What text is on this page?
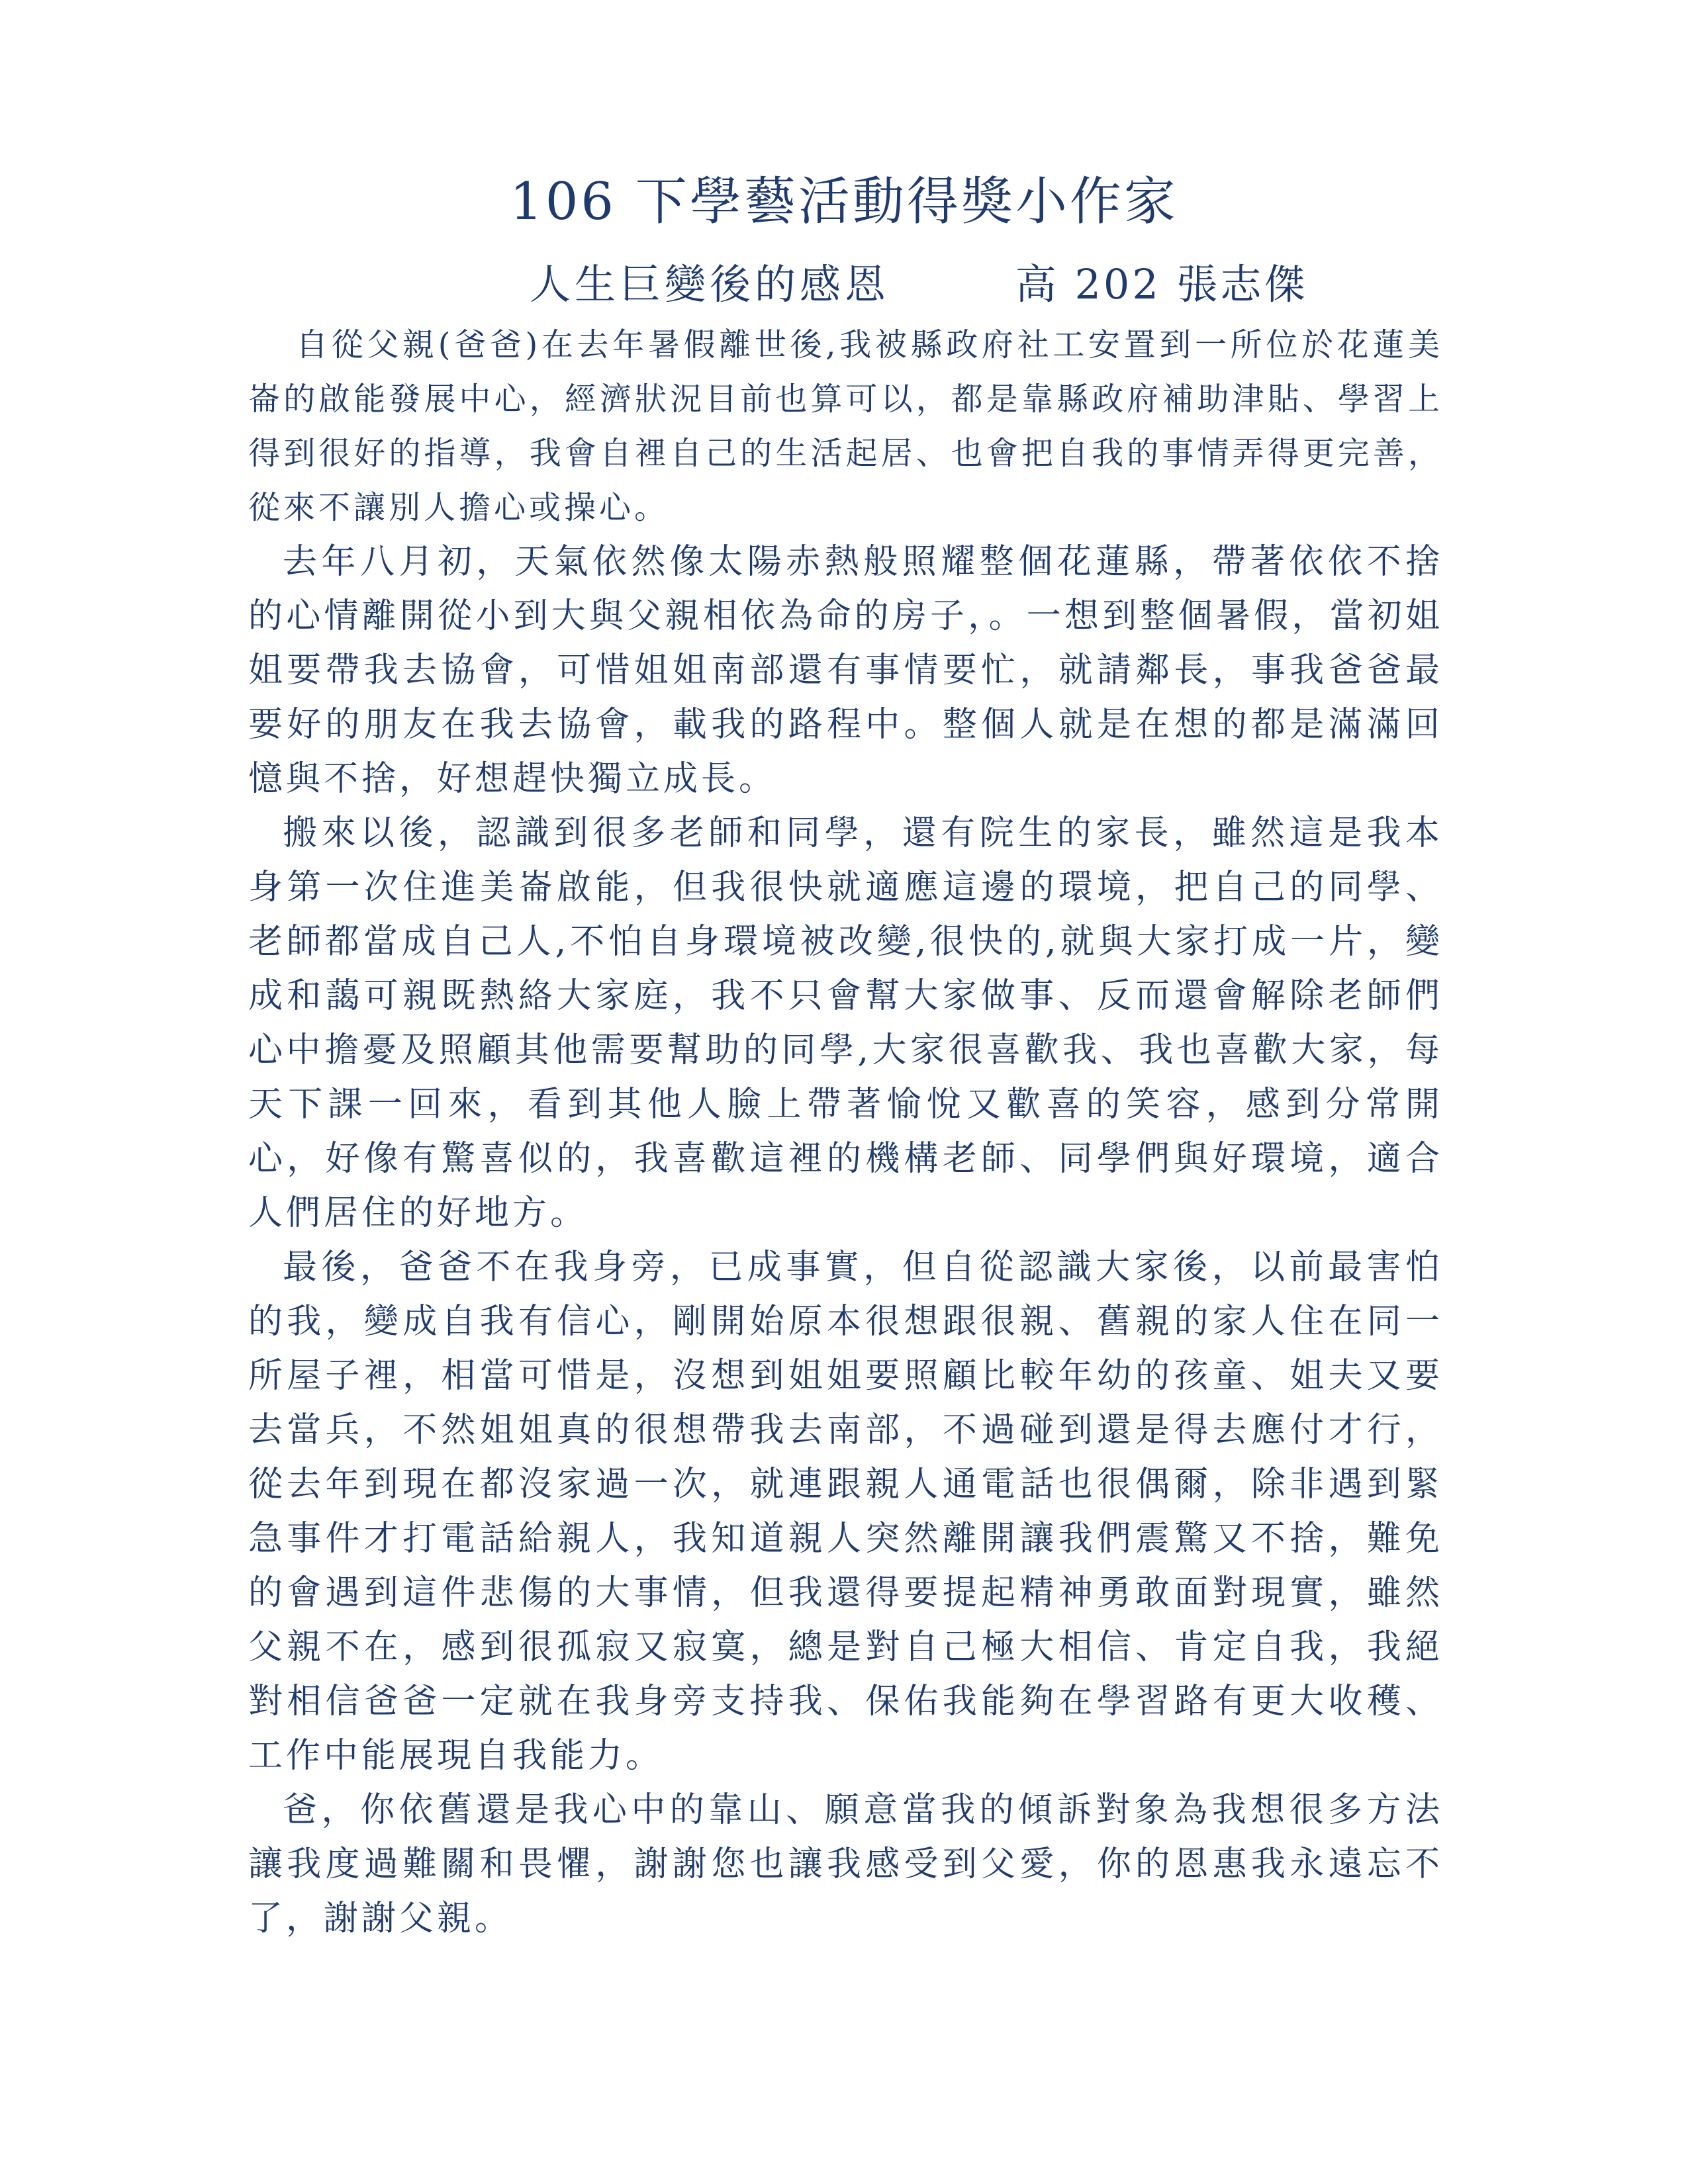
106 下學藝活動得獎小作家
人生巨變後的感恩	高 202 張志傑

自從父親(爸爸)在去年暑假離世後,我被縣政府社工安置到一所位於花蓮美崙的啟能發展中心，經濟狀況目前也算可以，都是靠縣政府補助津貼、學習上得到很好的指導，我會自裡自己的生活起居、也會把自我的事情弄得更完善，從來不讓別人擔心或操心。

去年八月初，天氣依然像太陽赤熱般照耀整個花蓮縣，帶著依依不捨的心情離開從小到大與父親相依為命的房子，。一想到整個暑假，當初姐姐要帶我去協會，可惜姐姐南部還有事情要忙，就請鄰長，事我爸爸最要好的朋友在我去協會，載我的路程中。整個人就是在想的都是滿滿回憶與不捨，好想趕快獨立成長。

搬來以後，認識到很多老師和同學，還有院生的家長，雖然這是我本身第一次住進美崙啟能，但我很快就適應這邊的環境，把自己的同學、老師都當成自己人,不怕自身環境被改變,很快的,就與大家打成一片，變成和藹可親既熱絡大家庭，我不只會幫大家做事、反而還會解除老師們心中擔憂及照顧其他需要幫助的同學,大家很喜歡我、我也喜歡大家，每天下課一回來，看到其他人臉上帶著愉悅又歡喜的笑容，感到分常開心，好像有驚喜似的，我喜歡這裡的機構老師、同學們與好環境，適合人們居住的好地方。

最後，爸爸不在我身旁，已成事實，但自從認識大家後，以前最害怕的我，變成自我有信心，剛開始原本很想跟很親、舊親的家人住在同一所屋子裡，相當可惜是，沒想到姐姐要照顧比較年幼的孩童、姐夫又要去當兵，不然姐姐真的很想帶我去南部，不過碰到還是得去應付才行，從去年到現在都沒家過一次，就連跟親人通電話也很偶爾，除非遇到緊急事件才打電話給親人，我知道親人突然離開讓我們震驚又不捨，難免的會遇到這件悲傷的大事情，但我還得要提起精神勇敢面對現實，雖然父親不在，感到很孤寂又寂寞，總是對自己極大相信、肯定自我，我絕對相信爸爸一定就在我身旁支持我、保佑我能夠在學習路有更大收穫、工作中能展現自我能力。

爸，你依舊還是我心中的靠山、願意當我的傾訴對象為我想很多方法讓我度過難關和畏懼，謝謝您也讓我感受到父愛，你的恩惠我永遠忘不了，謝謝父親。
